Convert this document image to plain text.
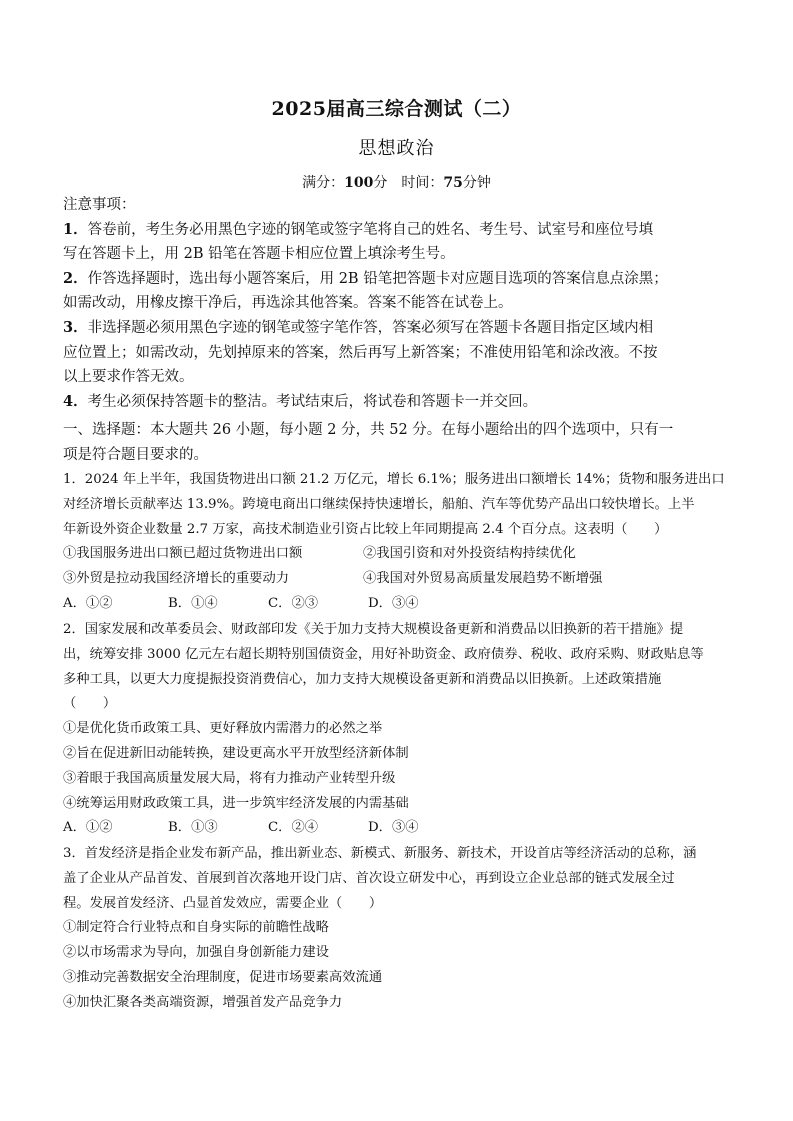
2025届高三综合测试（二）
思想政治
满分：100分　 时间：75分钟

注意事项：

1．答卷前，考生务必用黑色字迹的钢笔或签字笔将自己的姓名、考生号、试室号和座位号填

写在答题卡上，用 2B 铅笔在答题卡相应位置上填涂考生号。

2．作答选择题时，选出每小题答案后，用 2B 铅笔把答题卡对应题目选项的答案信息点涂黑；

如需改动，用橡皮擦干净后，再选涂其他答案。答案不能答在试卷上。

3．非选择题必须用黑色字迹的钢笔或签字笔作答，答案必须写在答题卡各题目指定区域内相

应位置上；如需改动，先划掉原来的答案，然后再写上新答案；不准使用铅笔和涂改液。不按

以上要求作答无效。

4．考生必须保持答题卡的整洁。考试结束后，将试卷和答题卡一并交回。

一、选择题：本大题共 26 小题，每小题 2 分，共 52 分。在每小题给出的四个选项中，只有一

项是符合题目要求的。

1．2024 年上半年，我国货物进出口额 21.2 万亿元，增长 6.1%；服务进出口额增长 14%；货物和服务进出口

对经济增长贡献率达 13.9%。跨境电商出口继续保持快速增长，船舶、汽车等优势产品出口较快增长。上半

年新设外资企业数量 2.7 万家，高技术制造业引资占比较上年同期提高 2.4 个百分点。这表明（　　）

①我国服务进出口额已超过货物进出口额	②我国引资和对外投资结构持续优化

③外贸是拉动我国经济增长的重要动力	④我国对外贸易高质量发展趋势不断增强

A．①②	B．①④	C．②③	D．③④

2．国家发展和改革委员会、财政部印发《关于加力支持大规模设备更新和消费品以旧换新的若干措施》提

出，统筹安排 3000 亿元左右超长期特别国债资金，用好补助资金、政府债券、税收、政府采购、财政贴息等

多种工具，以更大力度提振投资消费信心，加力支持大规模设备更新和消费品以旧换新。上述政策措施

（　　）

①是优化货币政策工具、更好释放内需潜力的必然之举

②旨在促进新旧动能转换，建设更高水平开放型经济新体制

③着眼于我国高质量发展大局，将有力推动产业转型升级

④统筹运用财政政策工具，进一步筑牢经济发展的内需基础

A．①②	B．①③	C．②④	D．③④

3．首发经济是指企业发布新产品，推出新业态、新模式、新服务、新技术，开设首店等经济活动的总称，涵

盖了企业从产品首发、首展到首次落地开设门店、首次设立研发中心，再到设立企业总部的链式发展全过

程。发展首发经济、凸显首发效应，需要企业（　　）

①制定符合行业特点和自身实际的前瞻性战略

②以市场需求为导向，加强自身创新能力建设

③推动完善数据安全治理制度，促进市场要素高效流通

④加快汇聚各类高端资源，增强首发产品竞争力
